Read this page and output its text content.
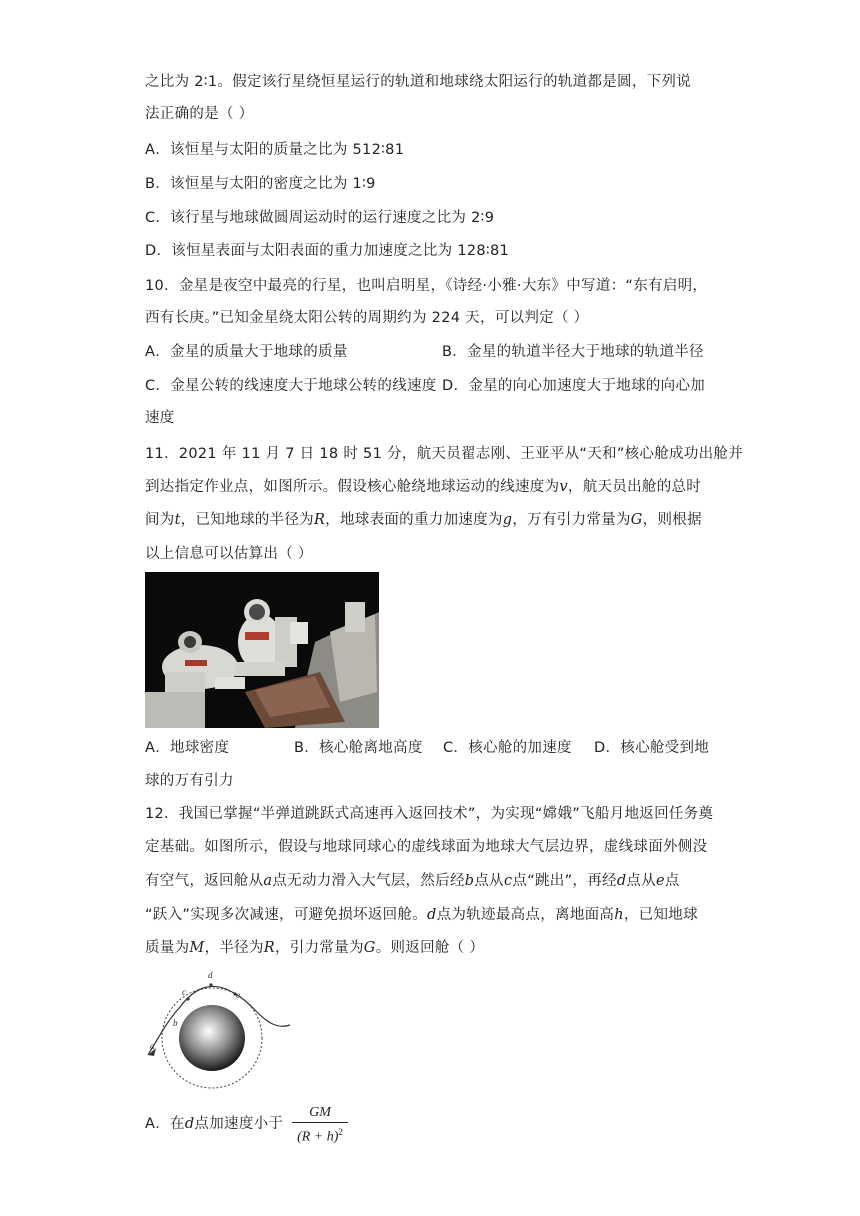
之比为 2∶1。假定该行星绕恒星运行的轨道和地球绕太阳运行的轨道都是圆，下列说
法正确的是（ ）
A．该恒星与太阳的质量之比为 512∶81
B．该恒星与太阳的密度之比为 1∶9
C．该行星与地球做圆周运动时的运行速度之比为 2∶9
D．该恒星表面与太阳表面的重力加速度之比为 128∶81
10．金星是夜空中最亮的行星，也叫启明星，《诗经·小雅·大东》中写道：“东有启明，
西有长庚。”已知金星绕太阳公转的周期约为 224 天，可以判定（ ）
A．金星的质量大于地球的质量	B．金星的轨道半径大于地球的轨道半径
C．金星公转的线速度大于地球公转的线速度 D．金星的向心加速度大于地球的向心加
速度
11．2021 年 11 月 7 日 18 时 51 分，航天员翟志刚、王亚平从“天和”核心舱成功出舱并
到达指定作业点，如图所示。假设核心舱绕地球运动的线速度为v，航天员出舱的总时
间为t，已知地球的半径为R，地球表面的重力加速度为g，万有引力常量为G，则根据
以上信息可以估算出（ ）
A．地球密度	B．核心舱离地高度 C．核心舱的加速度 D．核心舱受到地
球的万有引力
12．我国已掌握“半弹道跳跃式高速再入返回技术”，为实现“嫦娥”飞船月地返回任务奠
定基础。如图所示，假设与地球同球心的虚线球面为地球大气层边界，虚线球面外侧没
有空气，返回舱从a点无动力滑入大气层，然后经b点从c点“跳出”，再经d点从e点
“跃入”实现多次减速，可避免损坏返回舱。d点为轨迹最高点，离地面高h，已知地球
质量为M，半径为R，引力常量为G。则返回舱（ ）
a
b
c
d
e
A．在d点加速度小于 $\frac{GM}{(R + h)^2}$
